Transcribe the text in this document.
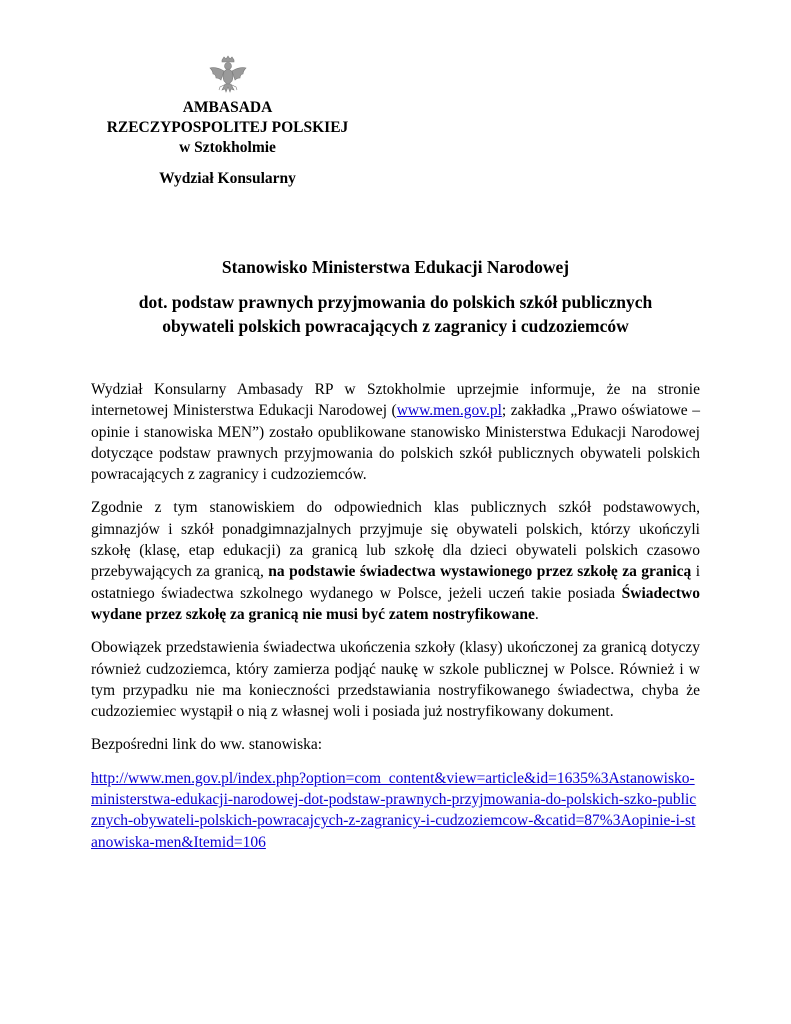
AMBASADA
RZECZYPOSPOLITEJ POLSKIEJ
w Sztokholmie
Wydział Konsularny
Stanowisko Ministerstwa Edukacji Narodowej
dot. podstaw prawnych przyjmowania do polskich szkół publicznych
obywateli polskich powracających z zagranicy i cudzoziemców

Wydział Konsularny Ambasady RP w Sztokholmie uprzejmie informuje, że na stronie internetowej Ministerstwa Edukacji Narodowej (www.men.gov.pl; zakładka „Prawo oświatowe – opinie i stanowiska MEN”) zostało opublikowane stanowisko Ministerstwa Edukacji Narodowej dotyczące podstaw prawnych przyjmowania do polskich szkół publicznych obywateli polskich powracających z zagranicy i cudzoziemców.

Zgodnie z tym stanowiskiem do odpowiednich klas publicznych szkół podstawowych, gimnazjów i szkół ponadgimnazjalnych przyjmuje się obywateli polskich, którzy ukończyli szkołę (klasę, etap edukacji) za granicą lub szkołę dla dzieci obywateli polskich czasowo przebywających za granicą, na podstawie świadectwa wystawionego przez szkołę za granicą i ostatniego świadectwa szkolnego wydanego w Polsce, jeżeli uczeń takie posiada Świadectwo wydane przez szkołę za granicą nie musi być zatem nostryfikowane.

Obowiązek przedstawienia świadectwa ukończenia szkoły (klasy) ukończonej za granicą dotyczy również cudzoziemca, który zamierza podjąć naukę w szkole publicznej w Polsce. Również i w tym przypadku nie ma konieczności przedstawiania nostryfikowanego świadectwa, chyba że cudzoziemiec wystąpił o nią z własnej woli i posiada już nostryfikowany dokument.

Bezpośredni link do ww. stanowiska:

http://www.men.gov.pl/index.php?option=com_content&view=article&id=1635%3Astanowisko-ministerstwa-edukacji-narodowej-dot-podstaw-prawnych-przyjmowania-do-polskich-szko-publicznych-obywateli-polskich-powracajcych-z-zagranicy-i-cudzoziemcow-&catid=87%3Aopinie-i-stanowiska-men&Itemid=106
